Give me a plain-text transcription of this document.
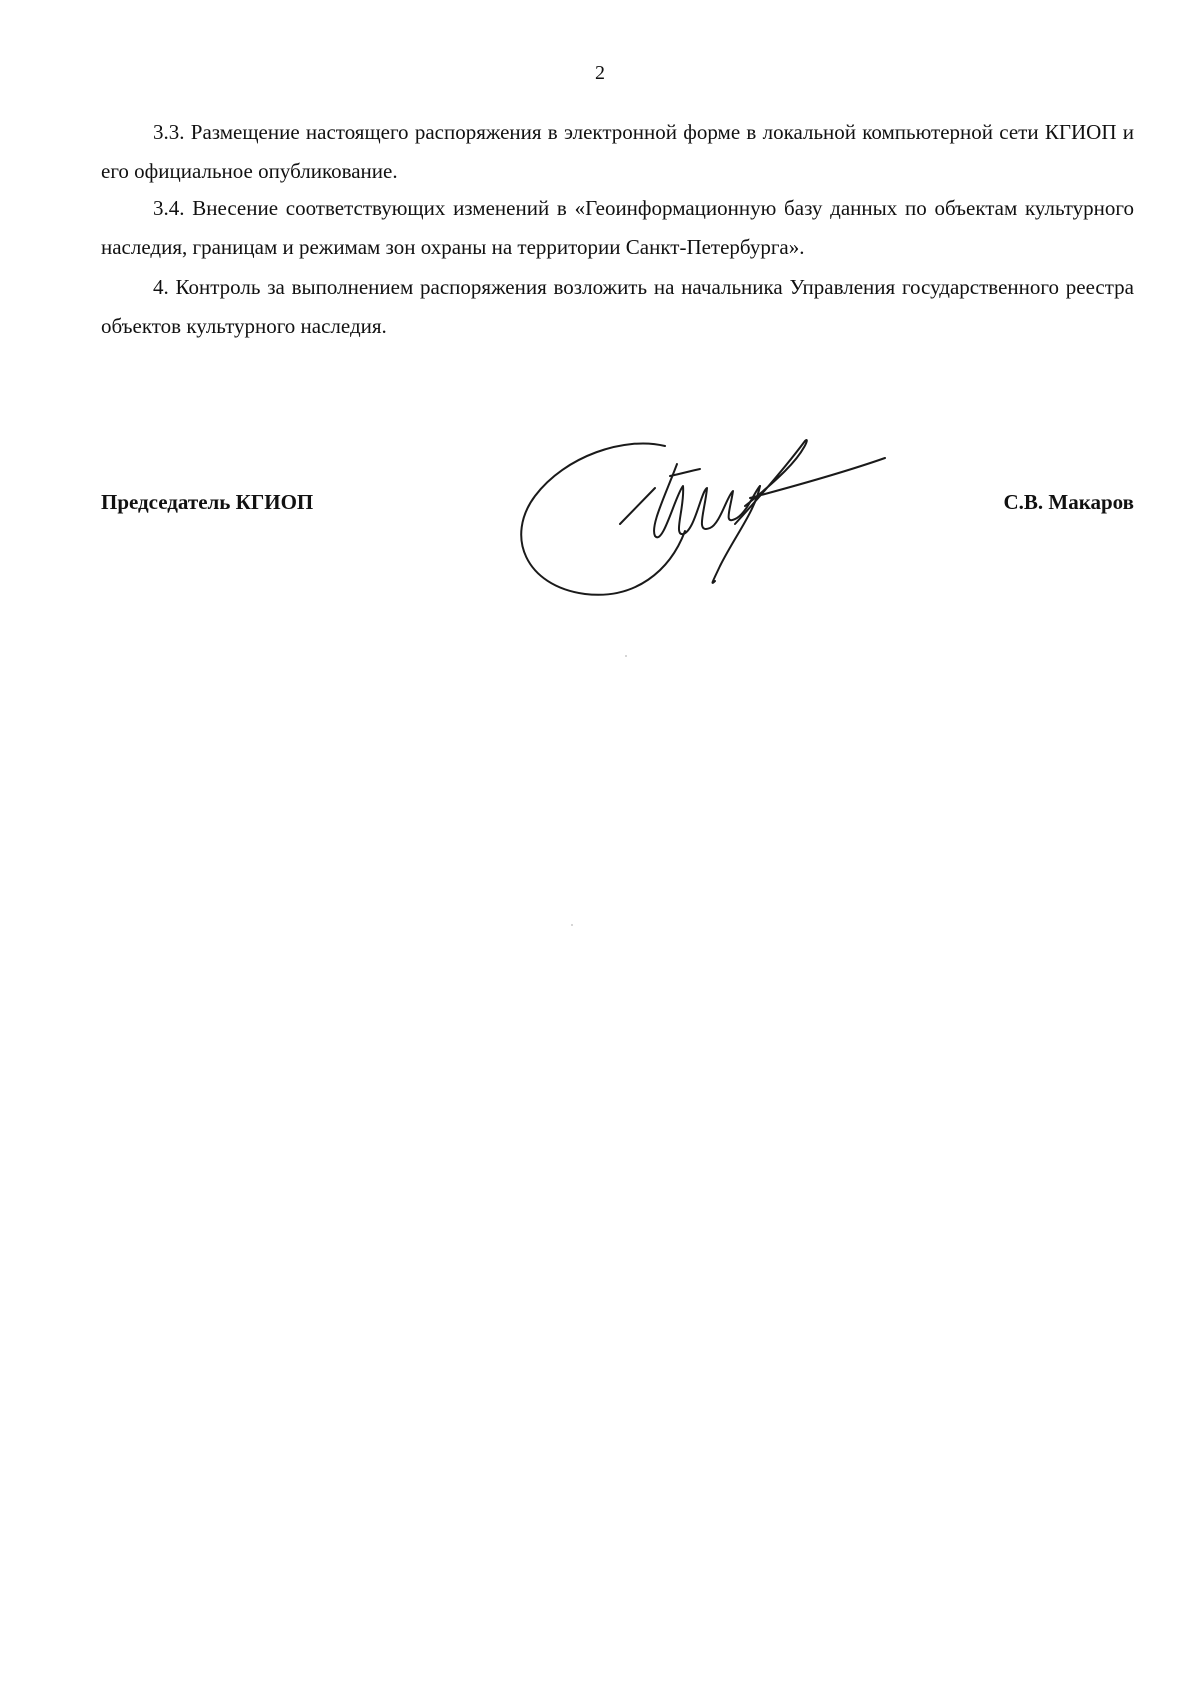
2

3.3. Размещение настоящего распоряжения в электронной форме в локальной компьютерной сети КГИОП и его официальное опубликование.

3.4. Внесение соответствующих изменений в «Геоинформационную базу данных по объектам культурного наследия, границам и режимам зон охраны на территории Санкт-Петербурга».

4. Контроль за выполнением распоряжения возложить на начальника Управления государственного реестра объектов культурного наследия.

Председатель КГИОП	С.В. Макаров
